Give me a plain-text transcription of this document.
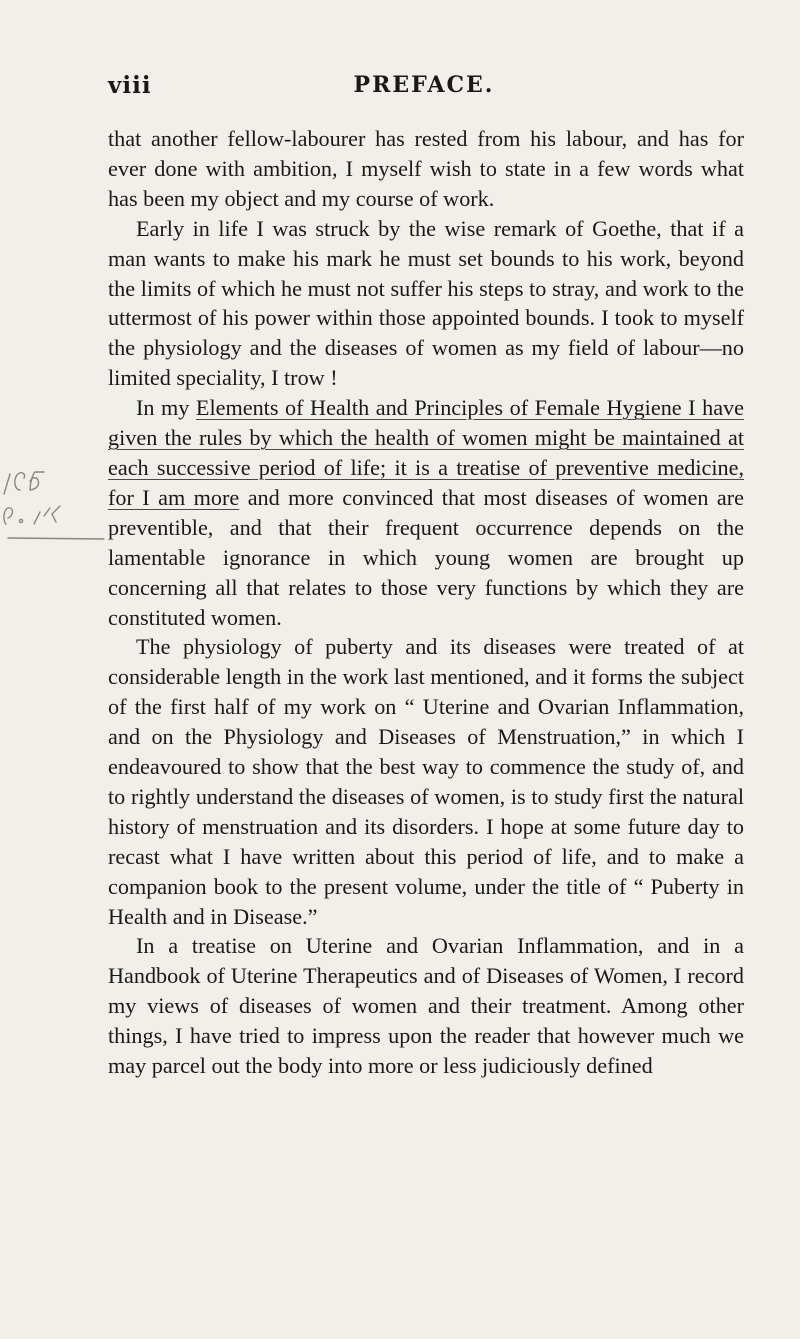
viii	PREFACE.

that another fellow-labourer has rested from his labour, and has for ever done with ambition, I myself wish to state in a few words what has been my object and my course of work.

Early in life I was struck by the wise remark of Goethe, that if a man wants to make his mark he must set bounds to his work, beyond the limits of which he must not suffer his steps to stray, and work to the uttermost of his power within those appointed bounds. I took to myself the physiology and the diseases of women as my field of labour—no limited speciality, I trow !

In my Elements of Health and Principles of Female Hygiene I have given the rules by which the health of women might be maintained at each successive period of life; it is a treatise of preventive medicine, for I am more and more convinced that most diseases of women are preventible, and that their frequent occurrence depends on the lamentable ignorance in which young women are brought up concerning all that relates to those very functions by which they are constituted women.

The physiology of puberty and its diseases were treated of at considerable length in the work last mentioned, and it forms the subject of the first half of my work on “ Uterine and Ovarian Inflammation, and on the Physiology and Diseases of Menstruation,” in which I endeavoured to show that the best way to commence the study of, and to rightly understand the diseases of women, is to study first the natural history of menstruation and its disorders. I hope at some future day to recast what I have written about this period of life, and to make a companion book to the present volume, under the title of “ Puberty in Health and in Disease.”

In a treatise on Uterine and Ovarian Inflammation, and in a Handbook of Uterine Therapeutics and of Diseases of Women, I record my views of diseases of women and their treatment. Among other things, I have tried to impress upon the reader that however much we may parcel out the body into more or less judiciously defined
